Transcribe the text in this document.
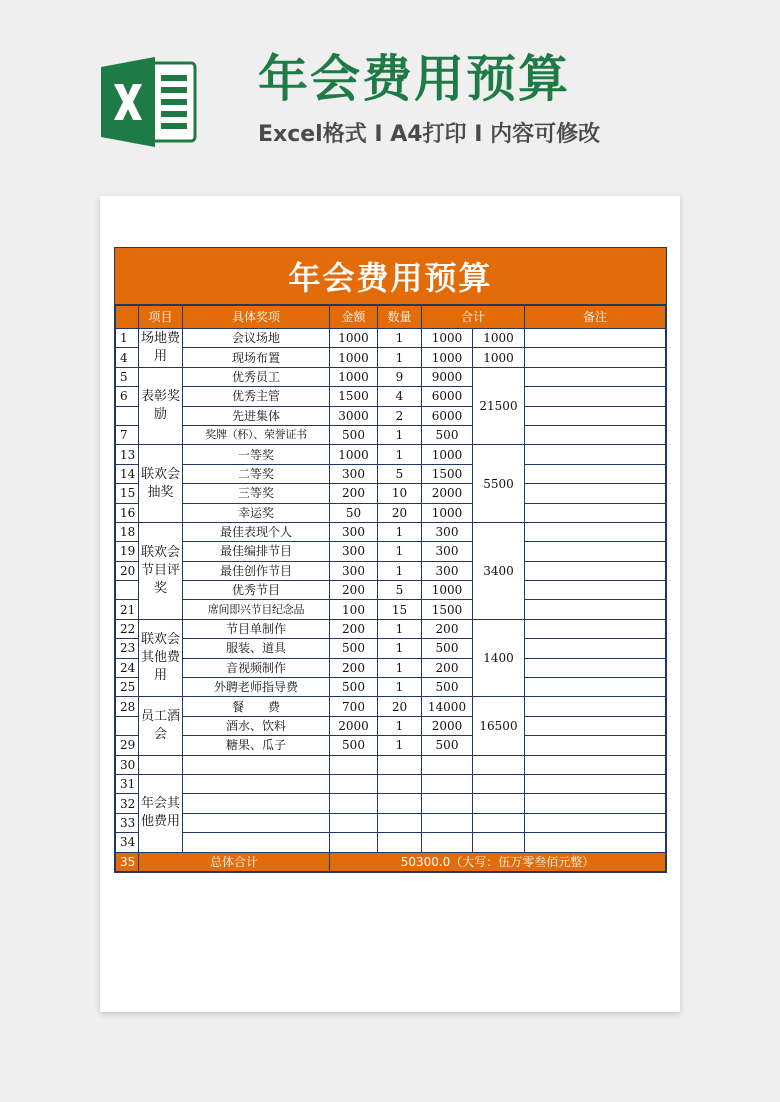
年会费用预算
Excel格式 I A4打印 I 内容可修改
年会费用预算
	项目	具体奖项	金额	数量	合计		备注
1	场地费用	会议场地	1000	1	1000	1000	
4		现场布置	1000	1	1000	1000	
5	表彰奖励	优秀员工	1000	9	9000	21500	
6		优秀主管	1500	4	6000		
		先进集体	3000	2	6000		
7		奖牌（杯）、荣誉证书	500	1	500		
13	联欢会抽奖	一等奖	1000	1	1000	5500	
14		二等奖	300	5	1500		
15		三等奖	200	10	2000		
16		幸运奖	50	20	1000		
18	联欢会节目评奖	最佳表现个人	300	1	300	3400	
19		最佳编排节目	300	1	300		
20		最佳创作节目	300	1	300		
		优秀节目	200	5	1000		
21		席间即兴节目纪念品	100	15	1500		
22	联欢会其他费用	节目单制作	200	1	200	1400	
23		服装、道具	500	1	500		
24		音视频制作	200	1	200		
25		外聘老师指导费	500	1	500		
28	员工酒会	餐　　费	700	20	14000	16500	
		酒水、饮料	2000	1	2000		
29		糖果、瓜子	500	1	500		
30							
31	年会其他费用						
32							
33							
34							
35	总体合计		50300.0（大写：伍万零叁佰元整）				
